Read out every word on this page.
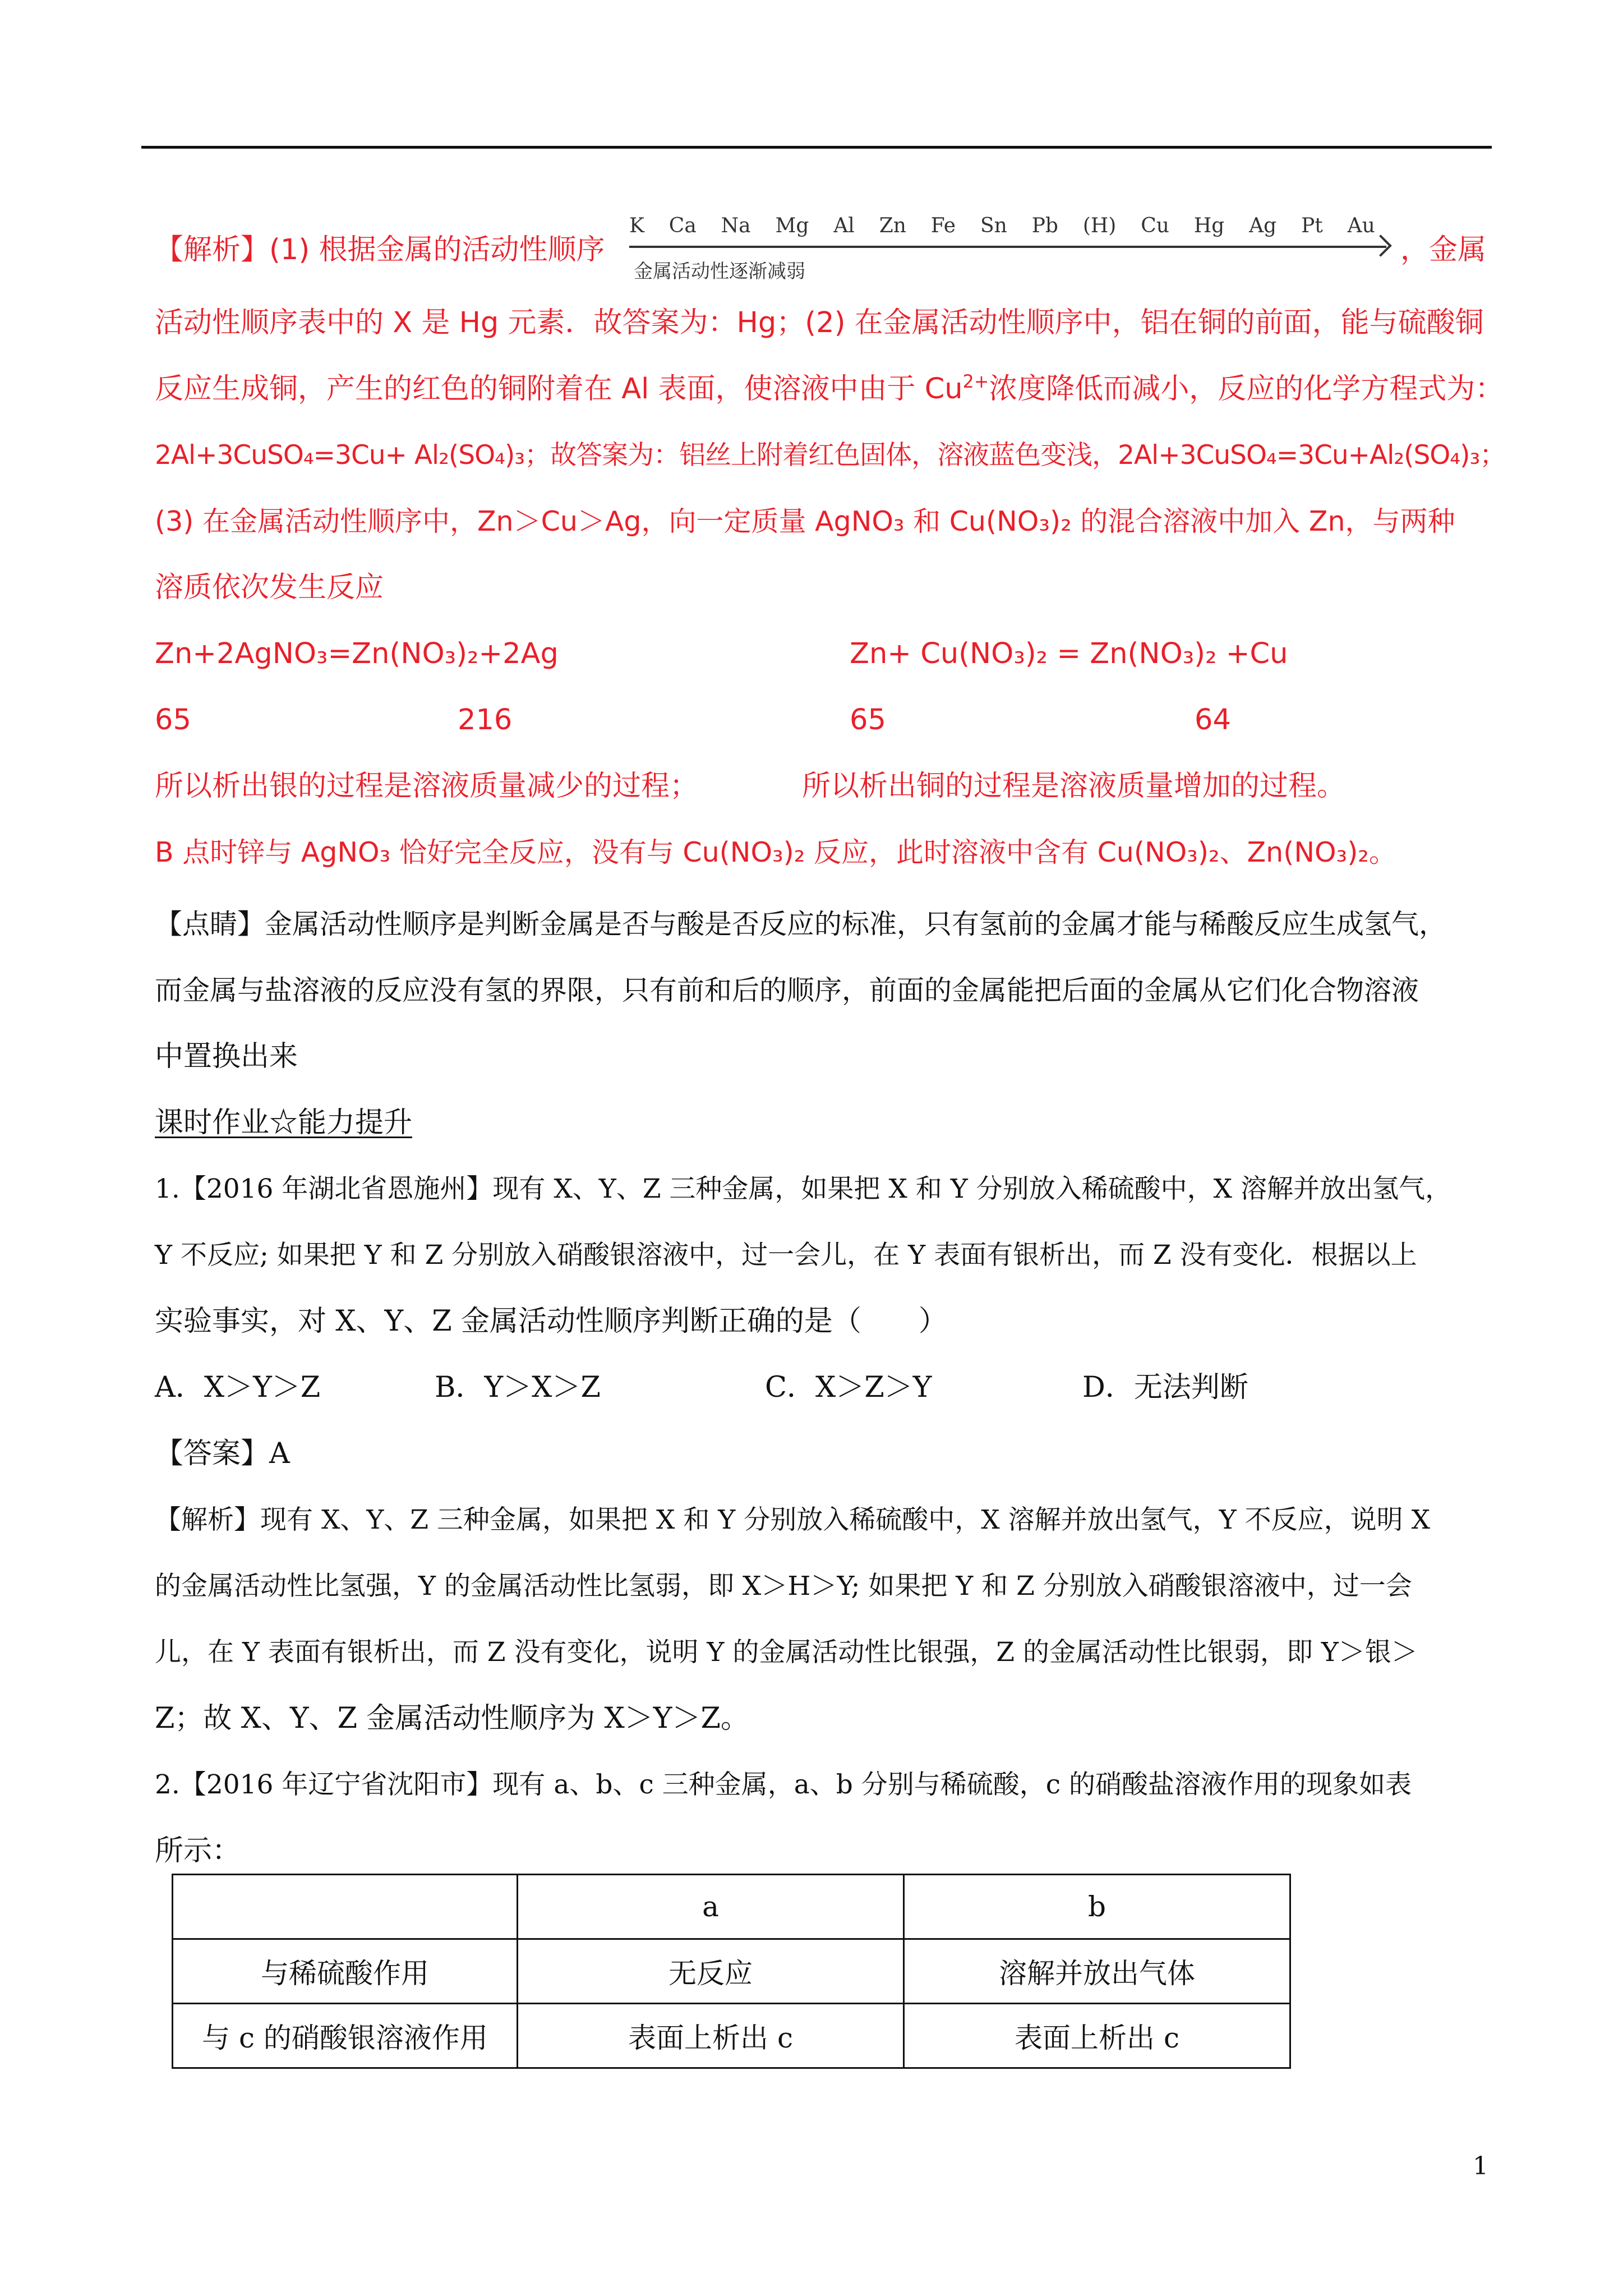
【解析】(1) 根据金属的活动性顺序
K Ca Na Mg Al Zn Fe Sn Pb (H) Cu Hg Ag Pt Au
金属活动性逐渐减弱
，金属
活动性顺序表中的 X 是 Hg 元素．故答案为：Hg；(2) 在金属活动性顺序中，铝在铜的前面，能与硫酸铜
反应生成铜，产生的红色的铜附着在 Al 表面，使溶液中由于 $Cu^{2+}$浓度降低而减小，反应的化学方程式为：
2Al+3CuSO₄=3Cu+ Al₂(SO₄)₃；故答案为：铝丝上附着红色固体，溶液蓝色变浅，2Al+3CuSO₄=3Cu+Al₂(SO₄)₃；
(3) 在金属活动性顺序中，Zn＞Cu＞Ag，向一定质量 AgNO₃ 和 Cu(NO₃)₂ 的混合溶液中加入 Zn，与两种
溶质依次发生反应
Zn+2AgNO₃=Zn(NO₃)₂+2Ag	Zn+ Cu(NO₃)₂ = Zn(NO₃)₂ +Cu
65	216	65	64
所以析出银的过程是溶液质量减少的过程；	所以析出铜的过程是溶液质量增加的过程。
B 点时锌与 AgNO₃ 恰好完全反应，没有与 Cu(NO₃)₂ 反应，此时溶液中含有 Cu(NO₃)₂、Zn(NO₃)₂。
【点睛】金属活动性顺序是判断金属是否与酸是否反应的标准，只有氢前的金属才能与稀酸反应生成氢气，
而金属与盐溶液的反应没有氢的界限，只有前和后的顺序，前面的金属能把后面的金属从它们化合物溶液
中置换出来
课时作业☆能力提升
1.【2016 年湖北省恩施州】现有 X、Y、Z 三种金属，如果把 X 和 Y 分别放入稀硫酸中，X 溶解并放出氢气，
Y 不反应; 如果把 Y 和 Z 分别放入硝酸银溶液中，过一会儿，在 Y 表面有银析出，而 Z 没有变化．根据以上
实验事实，对 X、Y、Z 金属活动性顺序判断正确的是（　　）
A．X＞Y＞Z	B．Y＞X＞Z	C．X＞Z＞Y	D．无法判断
【答案】A
【解析】现有 X、Y、Z 三种金属，如果把 X 和 Y 分别放入稀硫酸中，X 溶解并放出氢气，Y 不反应，说明 X
的金属活动性比氢强，Y 的金属活动性比氢弱，即 X＞H＞Y; 如果把 Y 和 Z 分别放入硝酸银溶液中，过一会
儿，在 Y 表面有银析出，而 Z 没有变化，说明 Y 的金属活动性比银强，Z 的金属活动性比银弱，即 Y＞银＞
Z；故 X、Y、Z 金属活动性顺序为 X＞Y＞Z。
2.【2016 年辽宁省沈阳市】现有 a、b、c 三种金属，a、b 分别与稀硫酸，c 的硝酸盐溶液作用的现象如表
所示：
	a	b
与稀硫酸作用	无反应	溶解并放出气体
与 c 的硝酸银溶液作用	表面上析出 c	表面上析出 c
1
